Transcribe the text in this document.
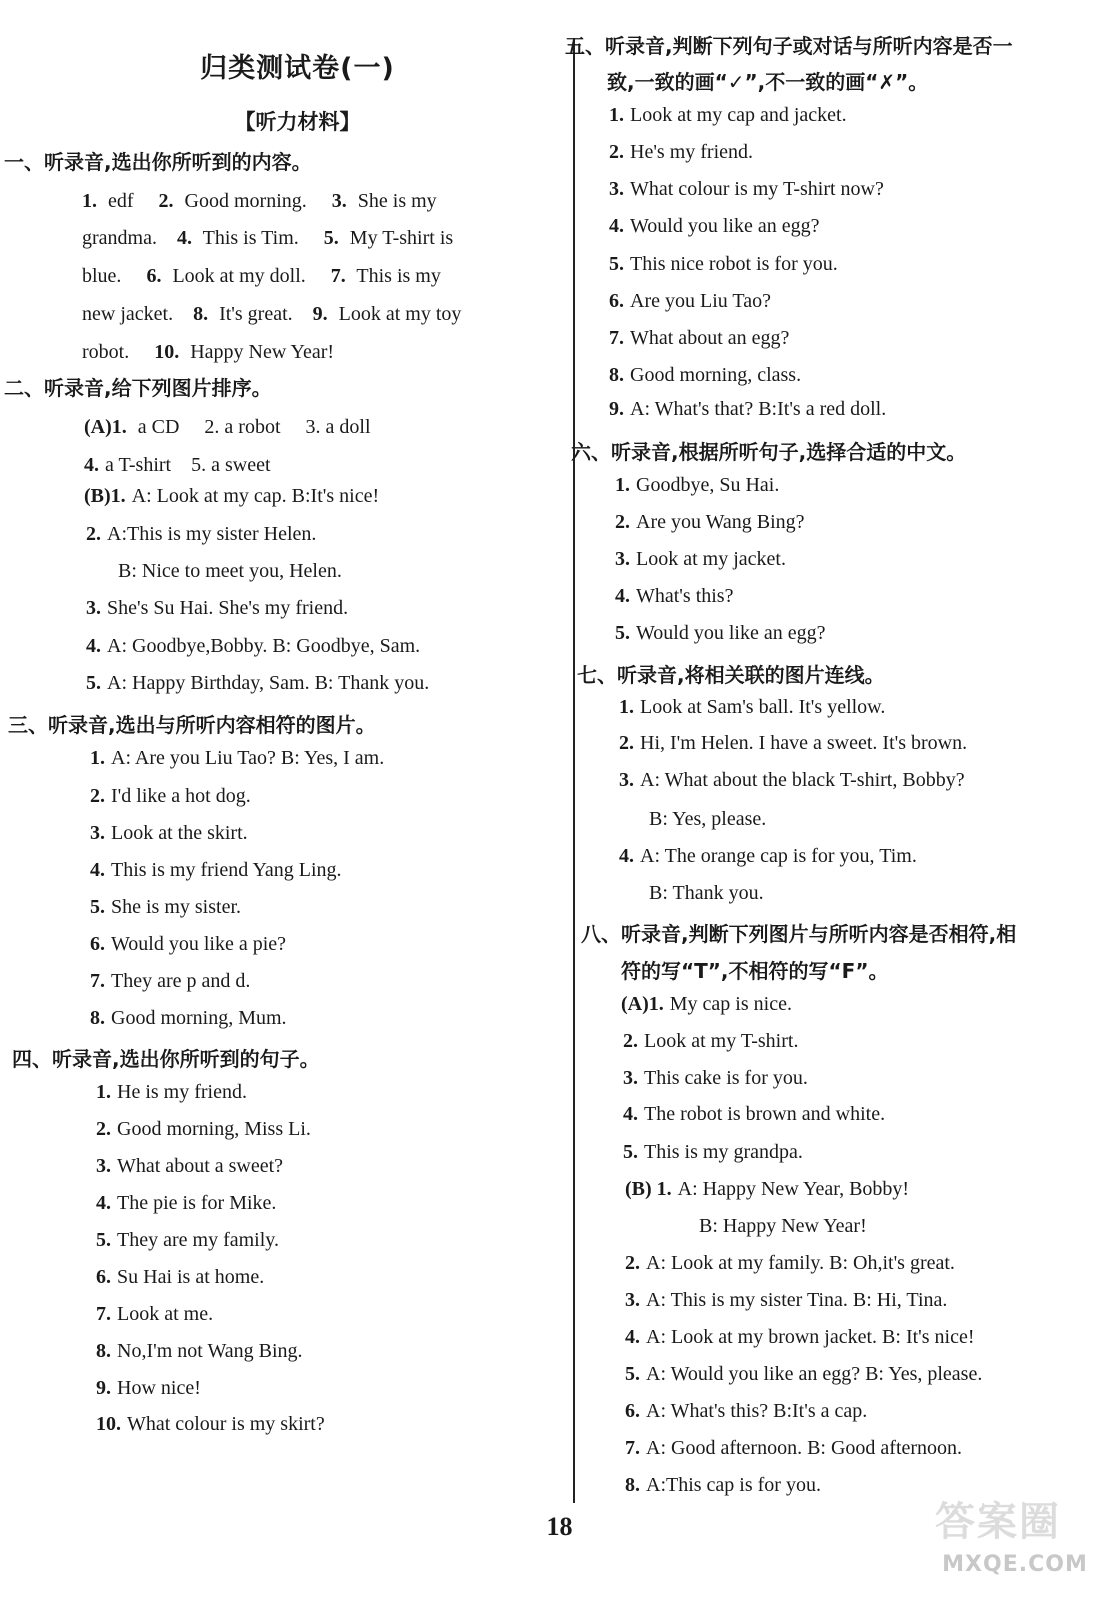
归类测试卷(一)
【听力材料】
一、听录音,选出你所听到的内容。
1. edf　 2. Good morning.　 3. She is my
grandma.　4. This is Tim.　 5. My T-shirt is
blue.　 6. Look at my doll.　 7. This is my
new jacket.　8. It's great.　9. Look at my toy
robot.　 10. Happy New Year!
二、听录音,给下列图片排序。
(A)1. a CD　 2. a robot　 3. a doll
4. a T-shirt　5. a sweet
(B)1. A: Look at my cap. B:It's nice!
2. A:This is my sister Helen.
B: Nice to meet you, Helen.
3. She's Su Hai. She's my friend.
4. A: Goodbye,Bobby. B: Goodbye, Sam.
5. A: Happy Birthday, Sam. B: Thank you.
三、听录音,选出与所听内容相符的图片。
1. A: Are you Liu Tao? B: Yes, I am.
2. I'd like a hot dog.
3. Look at the skirt.
4. This is my friend Yang Ling.
5. She is my sister.
6. Would you like a pie?
7. They are p and d.
8. Good morning, Mum.
四、听录音,选出你所听到的句子。
1. He is my friend.
2. Good morning, Miss Li.
3. What about a sweet?
4. The pie is for Mike.
5. They are my family.
6. Su Hai is at home.
7. Look at me.
8. No,I'm not Wang Bing.
9. How nice!
10. What colour is my skirt?
五、听录音,判断下列句子或对话与所听内容是否一
致,一致的画“✓”,不一致的画“✗”。
1. Look at my cap and jacket.
2. He's my friend.
3. What colour is my T-shirt now?
4. Would you like an egg?
5. This nice robot is for you.
6. Are you Liu Tao?
7. What about an egg?
8. Good morning, class.
9. A: What's that? B:It's a red doll.
六、听录音,根据所听句子,选择合适的中文。
1. Goodbye, Su Hai.
2. Are you Wang Bing?
3. Look at my jacket.
4. What's this?
5. Would you like an egg?
七、听录音,将相关联的图片连线。
1. Look at Sam's ball. It's yellow.
2. Hi, I'm Helen. I have a sweet. It's brown.
3. A: What about the black T-shirt, Bobby?
B: Yes, please.
4. A: The orange cap is for you, Tim.
B: Thank you.
八、听录音,判断下列图片与所听内容是否相符,相
符的写“T”,不相符的写“F”。
(A)1. My cap is nice.
2. Look at my T-shirt.
3. This cake is for you.
4. The robot is brown and white.
5. This is my grandpa.
(B) 1. A: Happy New Year, Bobby!
B: Happy New Year!
2. A: Look at my family. B: Oh,it's great.
3. A: This is my sister Tina. B: Hi, Tina.
4. A: Look at my brown jacket. B: It's nice!
5. A: Would you like an egg? B: Yes, please.
6. A: What's this? B:It's a cap.
7. A: Good afternoon. B: Good afternoon.
8. A:This cap is for you.
18	答案圈
MXQE.COM
